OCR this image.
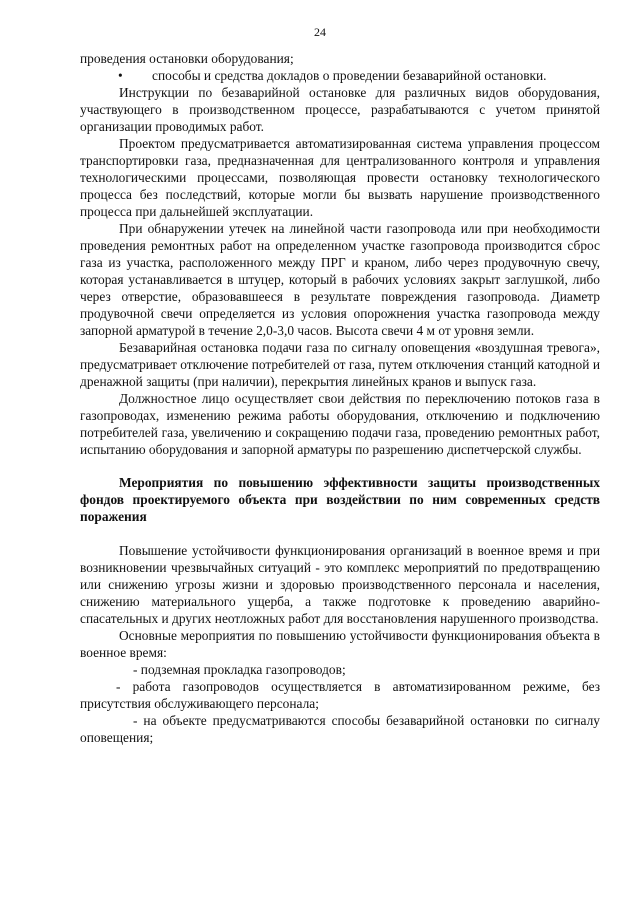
24

проведения остановки оборудования;

• способы и средства докладов о проведении безаварийной остановки.

Инструкции по безаварийной остановке для различных видов оборудования, участвующего в производственном процессе, разрабатываются с учетом принятой организации проводимых работ.

Проектом предусматривается автоматизированная система управления процессом транспортировки газа, предназначенная для централизованного контроля и управления технологическими процессами, позволяющая провести остановку технологического процесса без последствий, которые могли бы вызвать нарушение производственного процесса при дальнейшей эксплуатации.

При обнаружении утечек на линейной части газопровода или при необходимости проведения ремонтных работ на определенном участке газопровода производится сброс газа из участка, расположенного между ПРГ и краном, либо через продувочную свечу, которая устанавливается в штуцер, который в рабочих условиях закрыт заглушкой, либо через отверстие, образовавшееся в результате повреждения газопровода. Диаметр продувочной свечи определяется из условия опорожнения участка газопровода между запорной арматурой в течение 2,0-3,0 часов. Высота свечи 4 м от уровня земли.

Безаварийная остановка подачи газа по сигналу оповещения «воздушная тревога», предусматривает отключение потребителей от газа, путем отключения станций катодной и дренажной защиты (при наличии), перекрытия линейных кранов и выпуск газа.

Должностное лицо осуществляет свои действия по переключению потоков газа в газопроводах, изменению режима работы оборудования, отключению и подключению потребителей газа, увеличению и сокращению подачи газа, проведению ремонтных работ, испытанию оборудования и запорной арматуры по разрешению диспетчерской службы.

Мероприятия по повышению эффективности защиты производственных фондов проектируемого объекта при воздействии по ним современных средств поражения

Повышение устойчивости функционирования организаций в военное время и при возникновении чрезвычайных ситуаций - это комплекс мероприятий по предотвращению или снижению угрозы жизни и здоровью производственного персонала и населения, снижению материального ущерба, а также подготовке к проведению аварийно-спасательных и других неотложных работ для восстановления нарушенного производства.

Основные мероприятия по повышению устойчивости функционирования объекта в военное время:

- подземная прокладка газопроводов;

- работа газопроводов осуществляется в автоматизированном режиме, без присутствия обслуживающего персонала;

- на объекте предусматриваются способы безаварийной остановки по сигналу оповещения;
